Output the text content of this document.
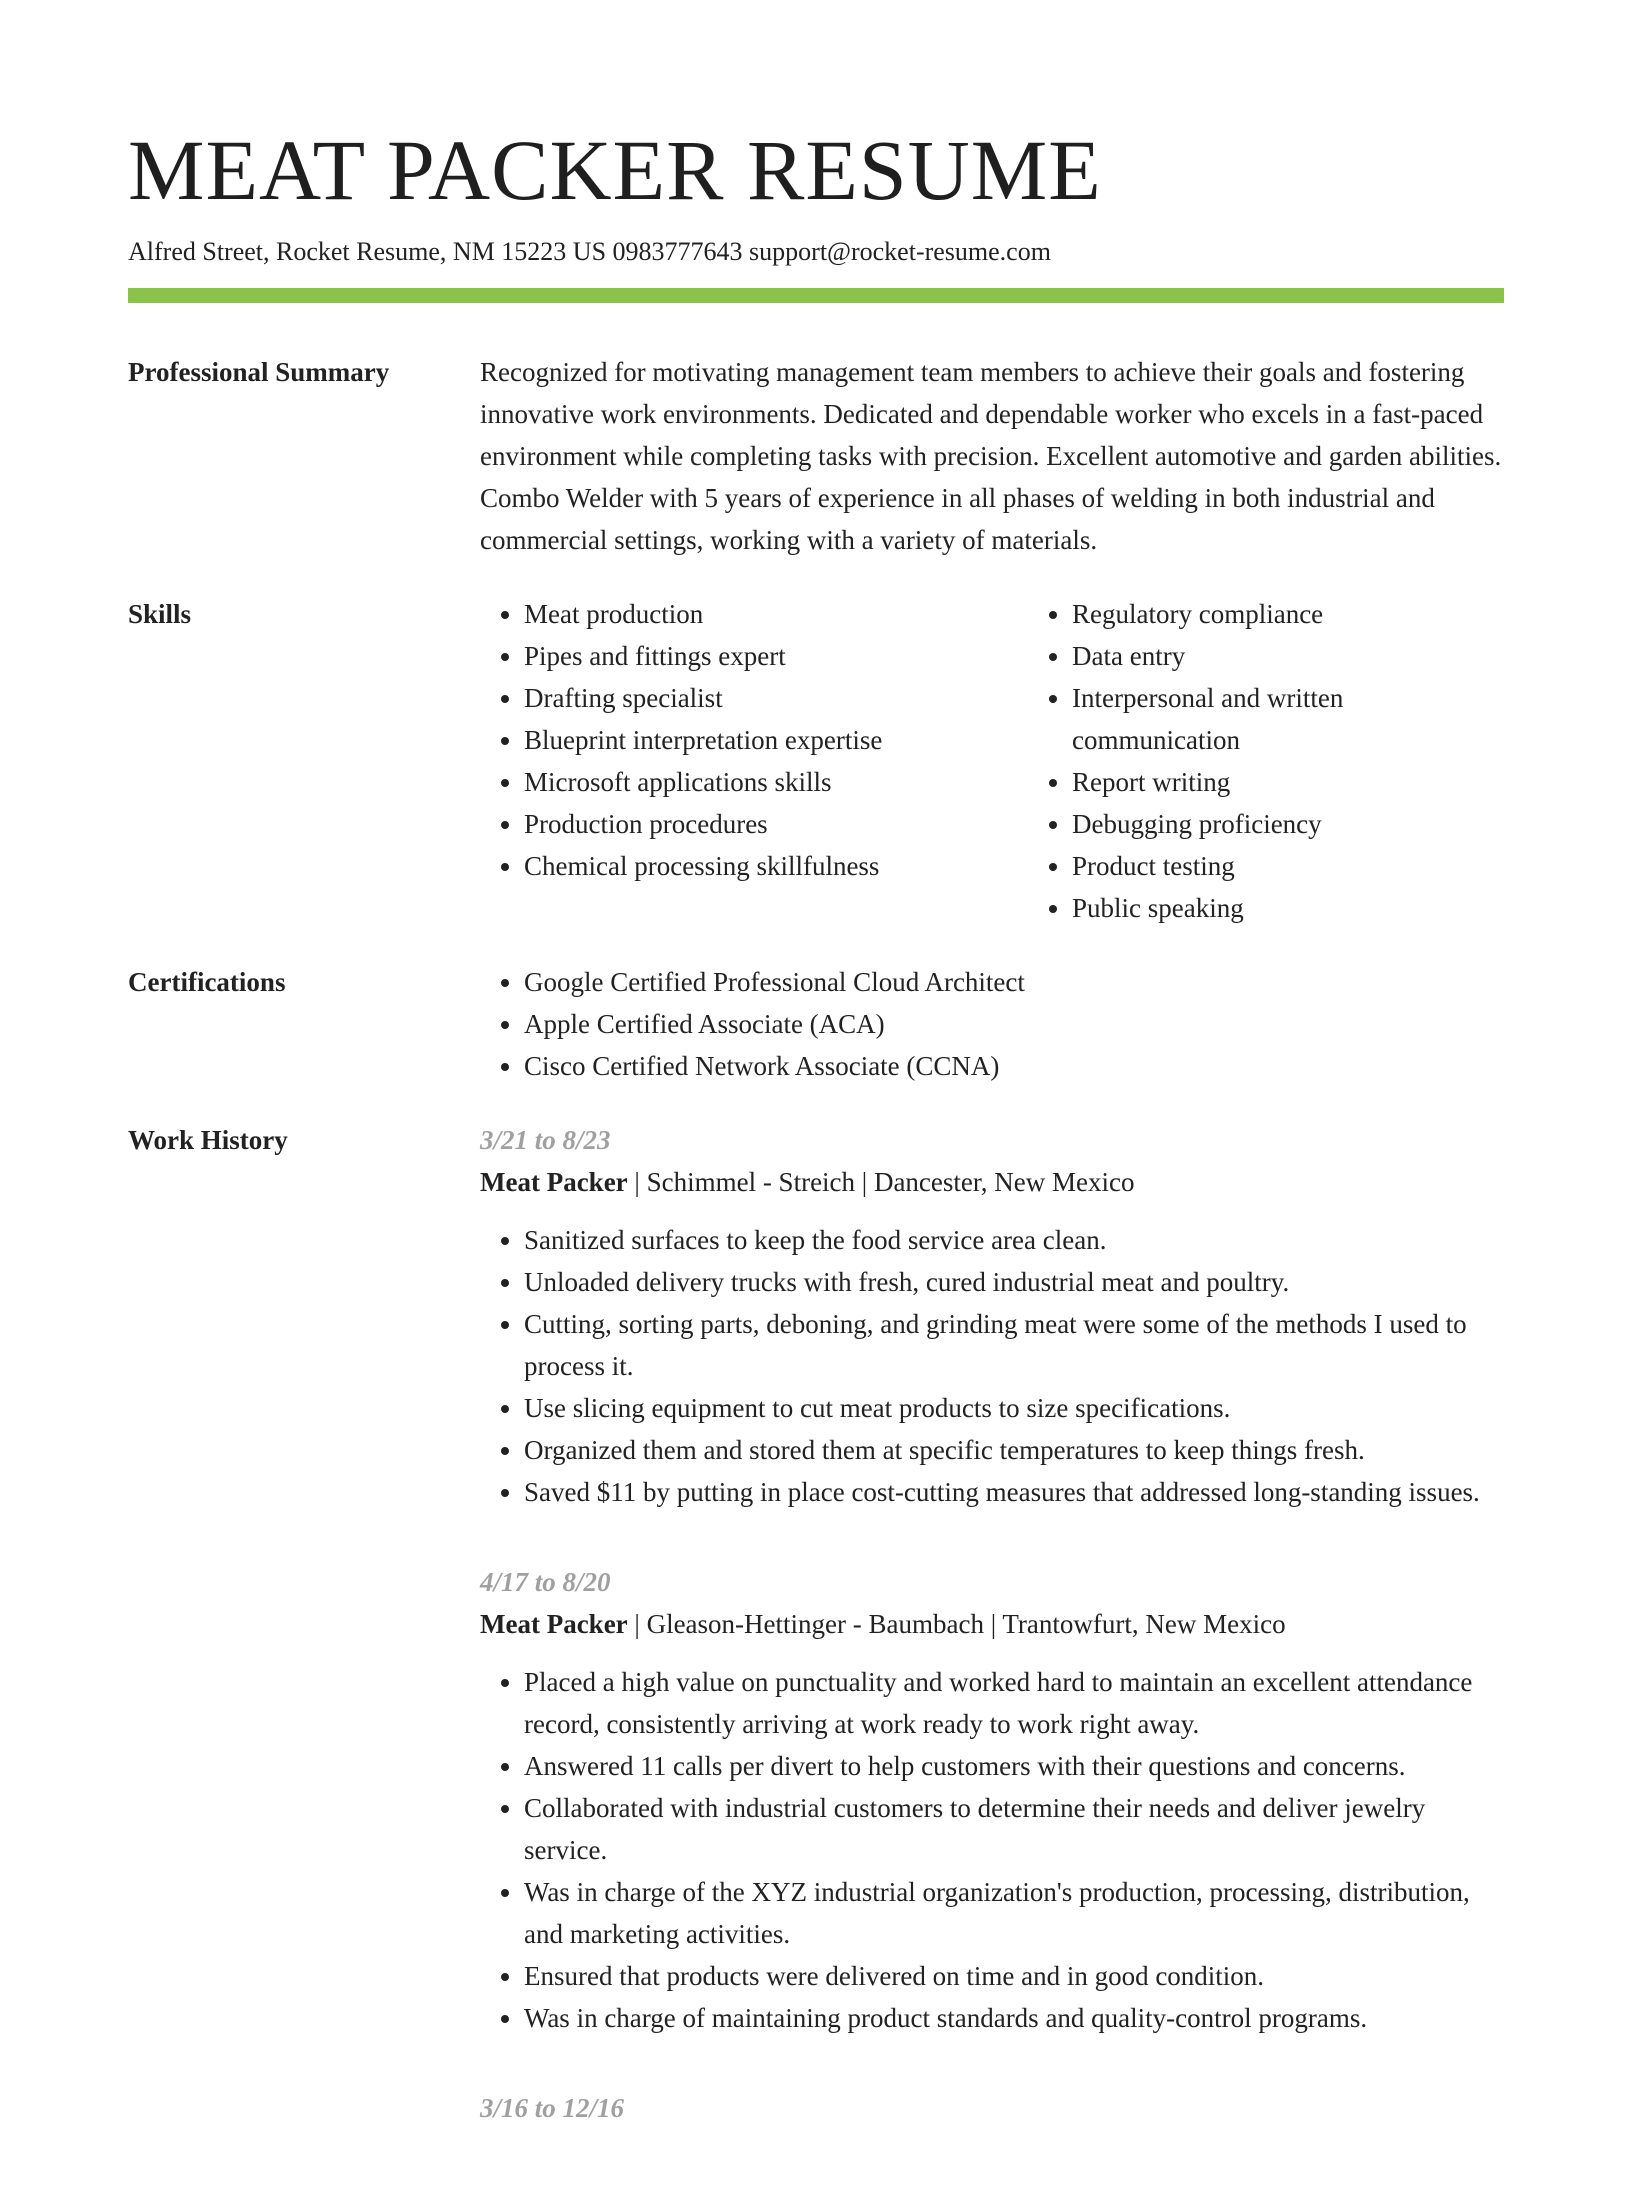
MEAT PACKER RESUME
Alfred Street, Rocket Resume, NM 15223 US 0983777643 support@rocket-resume.com
Professional Summary	Recognized for motivating management team members to achieve their goals and fostering innovative work environments. Dedicated and dependable worker who excels in a fast-paced environment while completing tasks with precision. Excellent automotive and garden abilities. Combo Welder with 5 years of experience in all phases of welding in both industrial and commercial settings, working with a variety of materials.

Skills	• Meat production
• Pipes and fittings expert
• Drafting specialist
• Blueprint interpretation expertise
• Microsoft applications skills
• Production procedures
• Chemical processing skillfulness
• Regulatory compliance
• Data entry
• Interpersonal and written communication
• Report writing
• Debugging proficiency
• Product testing
• Public speaking
Certifications	• Google Certified Professional Cloud Architect
• Apple Certified Associate (ACA)
• Cisco Certified Network Associate (CCNA)
Work History	3/21 to 8/23
Meat Packer | Schimmel - Streich | Dancester, New Mexico
• Sanitized surfaces to keep the food service area clean.
• Unloaded delivery trucks with fresh, cured industrial meat and poultry.
• Cutting, sorting parts, deboning, and grinding meat were some of the methods I used to process it.
• Use slicing equipment to cut meat products to size specifications.
• Organized them and stored them at specific temperatures to keep things fresh.
• Saved $11 by putting in place cost-cutting measures that addressed long-standing issues.
4/17 to 8/20
Meat Packer | Gleason-Hettinger - Baumbach | Trantowfurt, New Mexico
• Placed a high value on punctuality and worked hard to maintain an excellent attendance record, consistently arriving at work ready to work right away.
• Answered 11 calls per divert to help customers with their questions and concerns.
• Collaborated with industrial customers to determine their needs and deliver jewelry service.
• Was in charge of the XYZ industrial organization's production, processing, distribution, and marketing activities.
• Ensured that products were delivered on time and in good condition.
• Was in charge of maintaining product standards and quality-control programs.
3/16 to 12/16
